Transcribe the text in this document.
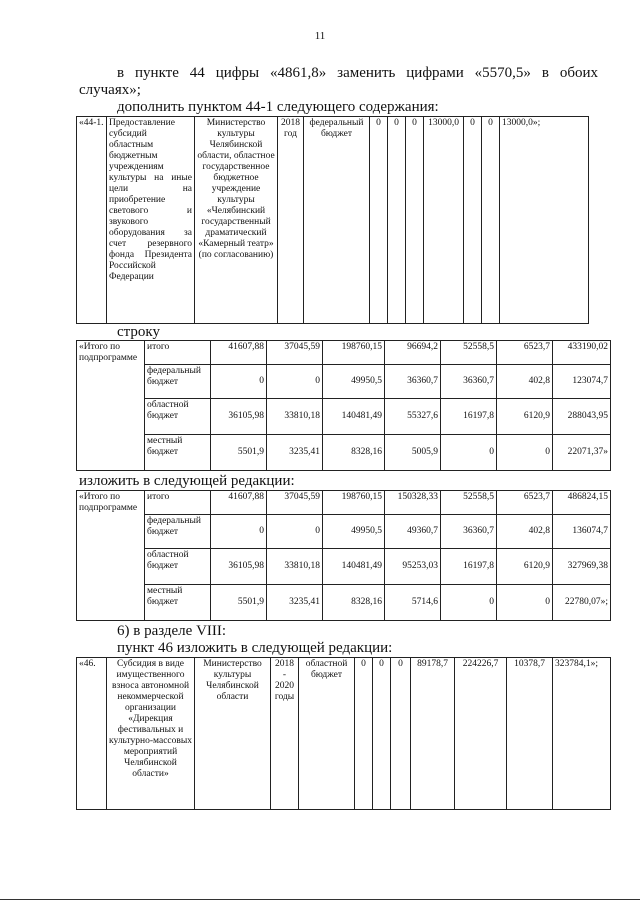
11
в пункте 44 цифры «4861,8» заменить цифрами «5570,5» в обоих
случаях»;
дополнить пунктом 44-1 следующего содержания:
«44-1.	Предоставление субсидий областным бюджетным учреждениям культуры на иные цели на приобретение светового и звукового оборудования за счет резервного фонда Президента Российской Федерации	Министерство культуры Челябинской области, областное государственное бюджетное учреждение культуры «Челябинский государственный драматический «Камерный театр» (по согласованию)	2018 год	федеральный бюджет	0	0	0	13000,0	0	0	13000,0»;
строку
«Итого по подпрограмме	итого	41607,88	37045,59	198760,15	96694,2	52558,5	6523,7	433190,02
	федеральный бюджет	0	0	49950,5	36360,7	36360,7	402,8	123074,7
	областной бюджет	36105,98	33810,18	140481,49	55327,6	16197,8	6120,9	288043,95
	местный бюджет	5501,9	3235,41	8328,16	5005,9	0	0	22071,37»
изложить в следующей редакции:
«Итого по подпрограмме	итого	41607,88	37045,59	198760,15	150328,33	52558,5	6523,7	486824,15
	федеральный бюджет	0	0	49950,5	49360,7	36360,7	402,8	136074,7
	областной бюджет	36105,98	33810,18	140481,49	95253,03	16197,8	6120,9	327969,38
	местный бюджет	5501,9	3235,41	8328,16	5714,6	0	0	22780,07»;
6) в разделе VIII:
пункт 46 изложить в следующей редакции:
«46.	Субсидия в виде имущественного взноса автономной некоммерческой организации «Дирекция фестивальных и культурно-массовых мероприятий Челябинской области»	Министерство культуры Челябинской области	2018 - 2020 годы	областной бюджет	0	0	0	89178,7	224226,7	10378,7	323784,1»;
